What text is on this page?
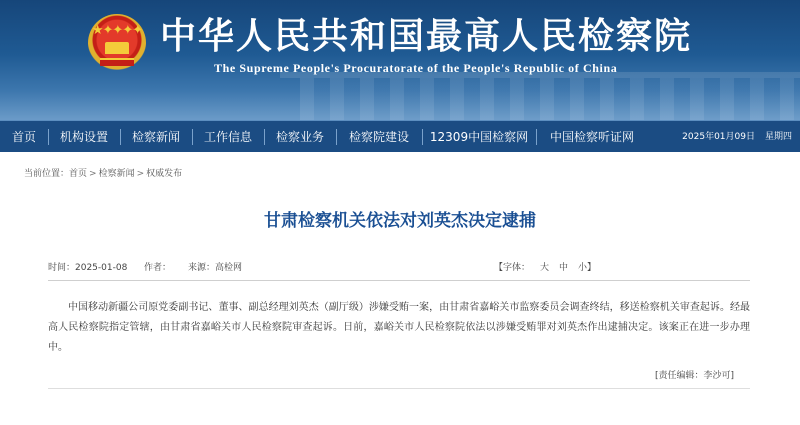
★✦✦✦✦ 中华人民共和国最高人民检察院
The Supreme People's Procuratorate of the People's Republic of China
首页	机构设置	检察新闻	工作信息	检察业务	检察院建设	12309中国检察网	中国检察听证网	2025年01月09日 星期四
当前位置：首页 > 检察新闻 > 权威发布
甘肃检察机关依法对刘英杰决定逮捕
时间：2025-01-08 作者： 来源：高检网	【字体： 大 中 小】

中国移动新疆公司原党委副书记、董事、副总经理刘英杰（副厅级）涉嫌受贿一案，由甘肃省嘉峪关市监察委员会调查终结，移送检察机关审查起诉。经最高人民检察院指定管辖，由甘肃省嘉峪关市人民检察院审查起诉。日前，嘉峪关市人民检察院依法以涉嫌受贿罪对刘英杰作出逮捕决定。该案正在进一步办理中。

[责任编辑：李沙可]
